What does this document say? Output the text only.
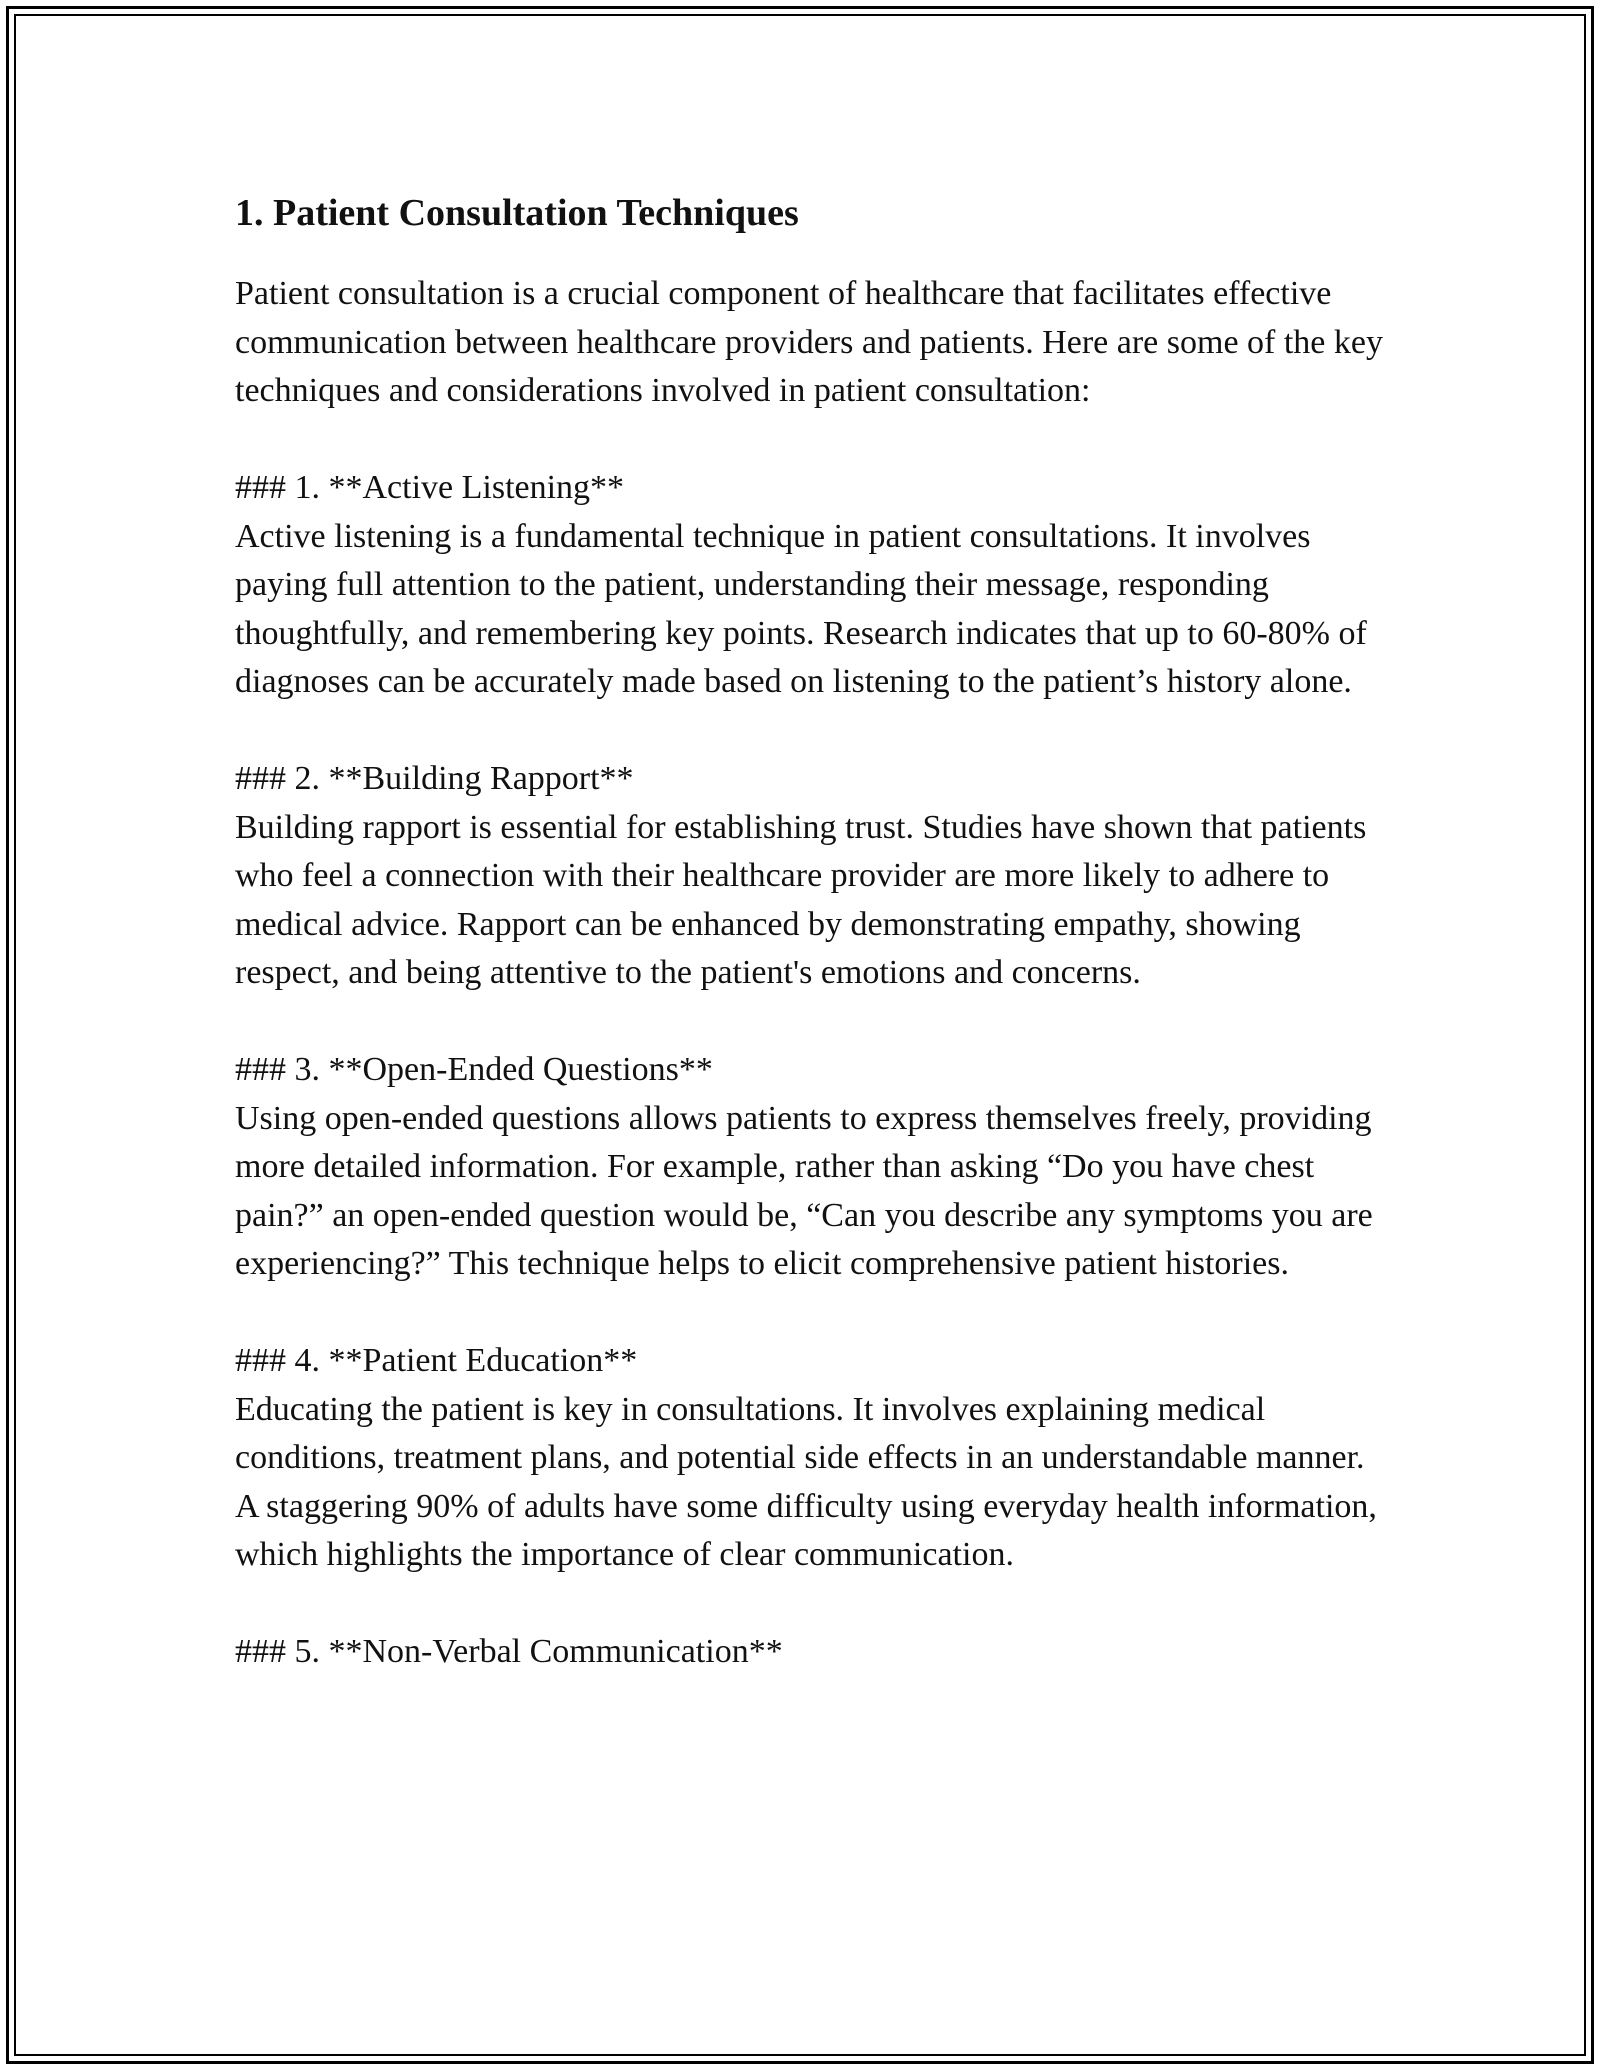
1. Patient Consultation Techniques

Patient consultation is a crucial component of healthcare that facilitates effective communication between healthcare providers and patients. Here are some of the key techniques and considerations involved in patient consultation:

### 1. **Active Listening**

Active listening is a fundamental technique in patient consultations. It involves paying full attention to the patient, understanding their message, responding thoughtfully, and remembering key points. Research indicates that up to 60-80% of diagnoses can be accurately made based on listening to the patient’s history alone.

### 2. **Building Rapport**

Building rapport is essential for establishing trust. Studies have shown that patients who feel a connection with their healthcare provider are more likely to adhere to medical advice. Rapport can be enhanced by demonstrating empathy, showing respect, and being attentive to the patient's emotions and concerns.

### 3. **Open-Ended Questions**

Using open-ended questions allows patients to express themselves freely, providing more detailed information. For example, rather than asking “Do you have chest pain?” an open-ended question would be, “Can you describe any symptoms you are experiencing?” This technique helps to elicit comprehensive patient histories.

### 4. **Patient Education**

Educating the patient is key in consultations. It involves explaining medical conditions, treatment plans, and potential side effects in an understandable manner. A staggering 90% of adults have some difficulty using everyday health information, which highlights the importance of clear communication.

### 5. **Non-Verbal Communication**
